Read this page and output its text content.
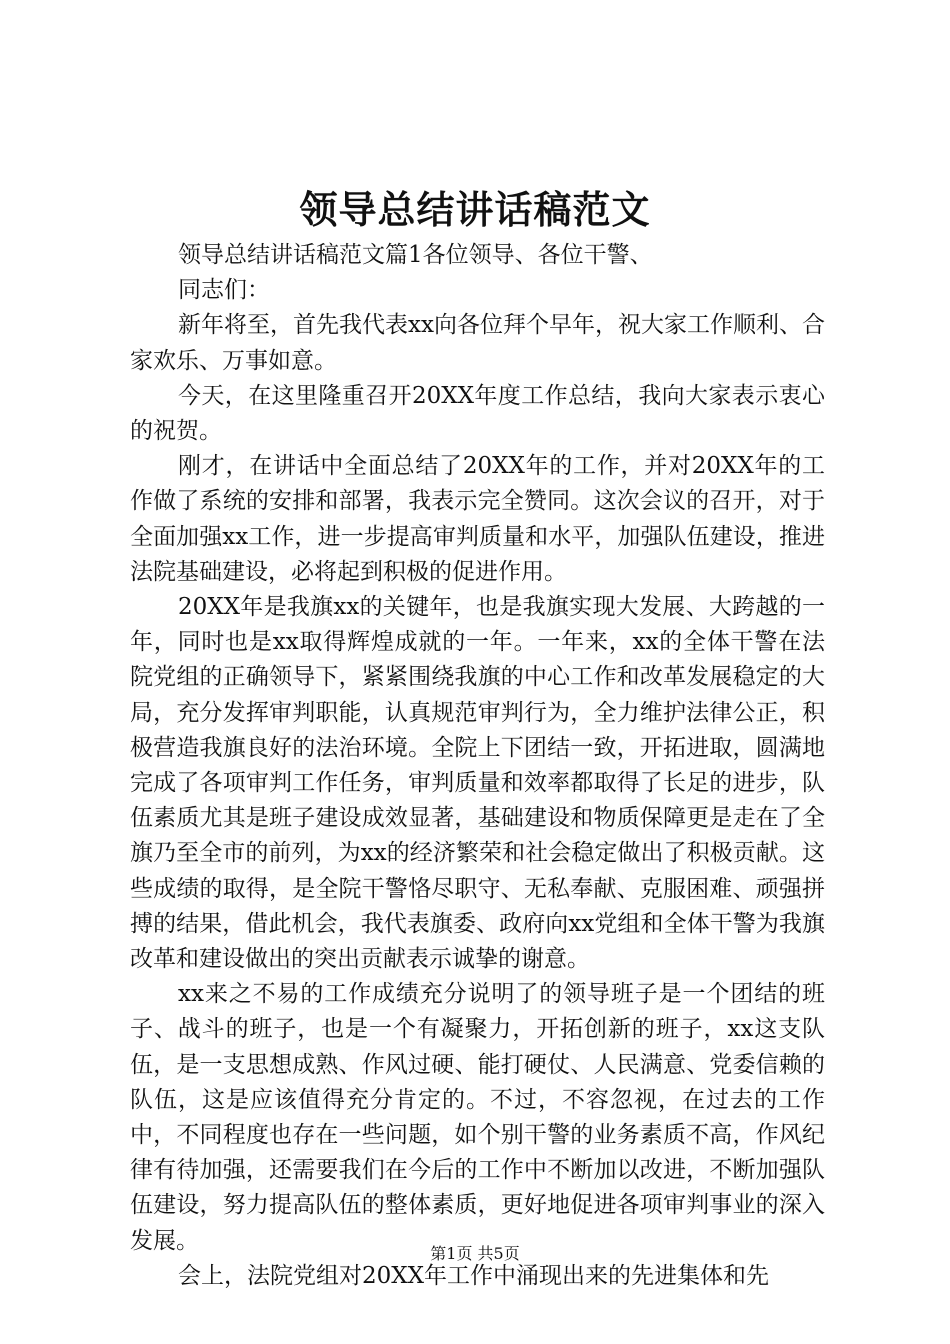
领导总结讲话稿范文

领导总结讲话稿范文篇1各位领导、各位干警、

同志们：

新年将至，首先我代表xx向各位拜个早年，祝大家工作顺利、合家欢乐、万事如意。

今天，在这里隆重召开20XX年度工作总结，我向大家表示衷心的祝贺。

刚才，在讲话中全面总结了20XX年的工作，并对20XX年的工作做了系统的安排和部署，我表示完全赞同。这次会议的召开，对于全面加强xx工作，进一步提高审判质量和水平，加强队伍建设，推进法院基础建设，必将起到积极的促进作用。

20XX年是我旗xx的关键年，也是我旗实现大发展、大跨越的一年，同时也是xx取得辉煌成就的一年。一年来，xx的全体干警在法院党组的正确领导下，紧紧围绕我旗的中心工作和改革发展稳定的大局，充分发挥审判职能，认真规范审判行为，全力维护法律公正，积极营造我旗良好的法治环境。全院上下团结一致，开拓进取，圆满地完成了各项审判工作任务，审判质量和效率都取得了长足的进步，队伍素质尤其是班子建设成效显著，基础建设和物质保障更是走在了全旗乃至全市的前列，为xx的经济繁荣和社会稳定做出了积极贡献。这些成绩的取得，是全院干警恪尽职守、无私奉献、克服困难、顽强拼搏的结果，借此机会，我代表旗委、政府向xx党组和全体干警为我旗改革和建设做出的突出贡献表示诚挚的谢意。

xx来之不易的工作成绩充分说明了的领导班子是一个团结的班子、战斗的班子，也是一个有凝聚力，开拓创新的班子，xx这支队伍，是一支思想成熟、作风过硬、能打硬仗、人民满意、党委信赖的队伍，这是应该值得充分肯定的。不过，不容忽视，在过去的工作中，不同程度也存在一些问题，如个别干警的业务素质不高，作风纪律有待加强，还需要我们在今后的工作中不断加以改进，不断加强队伍建设，努力提高队伍的整体素质，更好地促进各项审判事业的深入发展。

会上，法院党组对20XX年工作中涌现出来的先进集体和先

第1页 共5页
